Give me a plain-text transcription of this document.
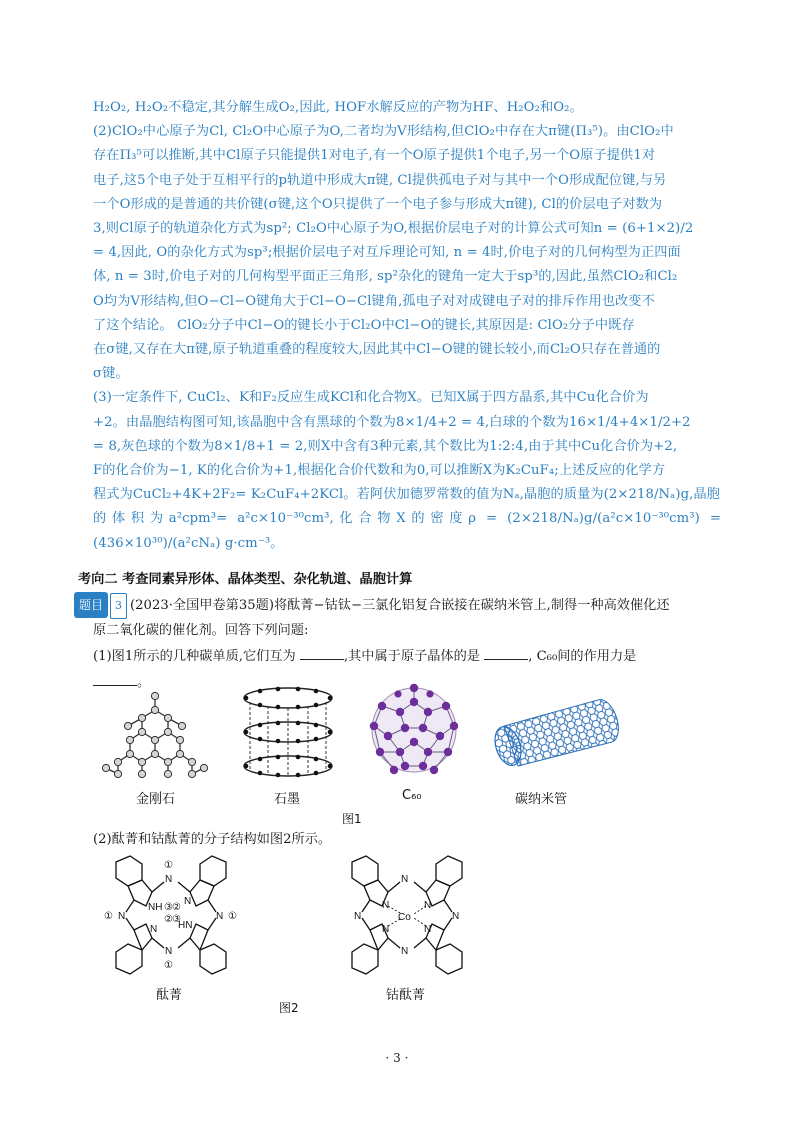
H₂O₂, H₂O₂不稳定,其分解生成O₂,因此, HOF水解反应的产物为HF、H₂O₂和O₂。

(2)ClO₂中心原子为Cl, Cl₂O中心原子为O,二者均为V形结构,但ClO₂中存在大π键(Π₃⁵)。由ClO₂中

存在Π₃⁵可以推断,其中Cl原子只能提供1对电子,有一个O原子提供1个电子,另一个O原子提供1对

电子,这5个电子处于互相平行的p轨道中形成大π键, Cl提供孤电子对与其中一个O形成配位键,与另

一个O形成的是普通的共价键(σ键,这个O只提供了一个电子参与形成大π键), Cl的价层电子对数为

3,则Cl原子的轨道杂化方式为sp²; Cl₂O中心原子为O,根据价层电子对的计算公式可知n = (6+1×2)/2

= 4,因此, O的杂化方式为sp³;根据价层电子对互斥理论可知, n = 4时,价电子对的几何构型为正四面

体, n = 3时,价电子对的几何构型平面正三角形, sp²杂化的键角一定大于sp³的,因此,虽然ClO₂和Cl₂

O均为V形结构,但O−Cl−O键角大于Cl−O−Cl键角,孤电子对对成键电子对的排斥作用也改变不

了这个结论。 ClO₂分子中Cl−O的键长小于Cl₂O中Cl−O的键长,其原因是: ClO₂分子中既存

在σ键,又存在大π键,原子轨道重叠的程度较大,因此其中Cl−O键的键长较小,而Cl₂O只存在普通的

σ键。

(3)一定条件下, CuCl₂、K和F₂反应生成KCl和化合物X。已知X属于四方晶系,其中Cu化合价为

+2。由晶胞结构图可知,该晶胞中含有黑球的个数为8×1/4+2 = 4,白球的个数为16×1/4+4×1/2+2

= 8,灰色球的个数为8×1/8+1 = 2,则X中含有3种元素,其个数比为1:2:4,由于其中Cu化合价为+2,

F的化合价为−1, K的化合价为+1,根据化合价代数和为0,可以推断X为K₂CuF₄;上述反应的化学方

程式为CuCl₂+4K+2F₂= K₂CuF₄+2KCl。若阿伏加德罗常数的值为Nₐ,晶胞的质量为(2×218/Nₐ)g,晶胞

的体积为a²cpm³= a²c×10⁻³⁰cm³,化合物X的密度ρ = (2×218/Nₐ)g/(a²c×10⁻³⁰cm³) = (436×10³⁰)/(a²cNₐ) g·cm⁻³。

考向二 考查同素异形体、晶体类型、杂化轨道、晶胞计算

题目 3 (2023·全国甲卷第35题)将酞菁−钴钛−三氯化铝复合嵌接在碳纳米管上,制得一种高效催化还

原二氧化碳的催化剂。回答下列问题:

(1)图1所示的几种碳单质,它们互为	,其中属于原子晶体的是	, C₆₀间的作用力是

。

金刚石	石墨	C₆₀	碳纳米管
图1
(2)酞菁和钴酞菁的分子结构如图2所示。
N
N
N	N
NH
HN
N
N
①
①
①	①
③
②
②
③
N
N
N	N
N	N
N	N
Co
酞菁	钴酞菁
图2
· 3 ·
